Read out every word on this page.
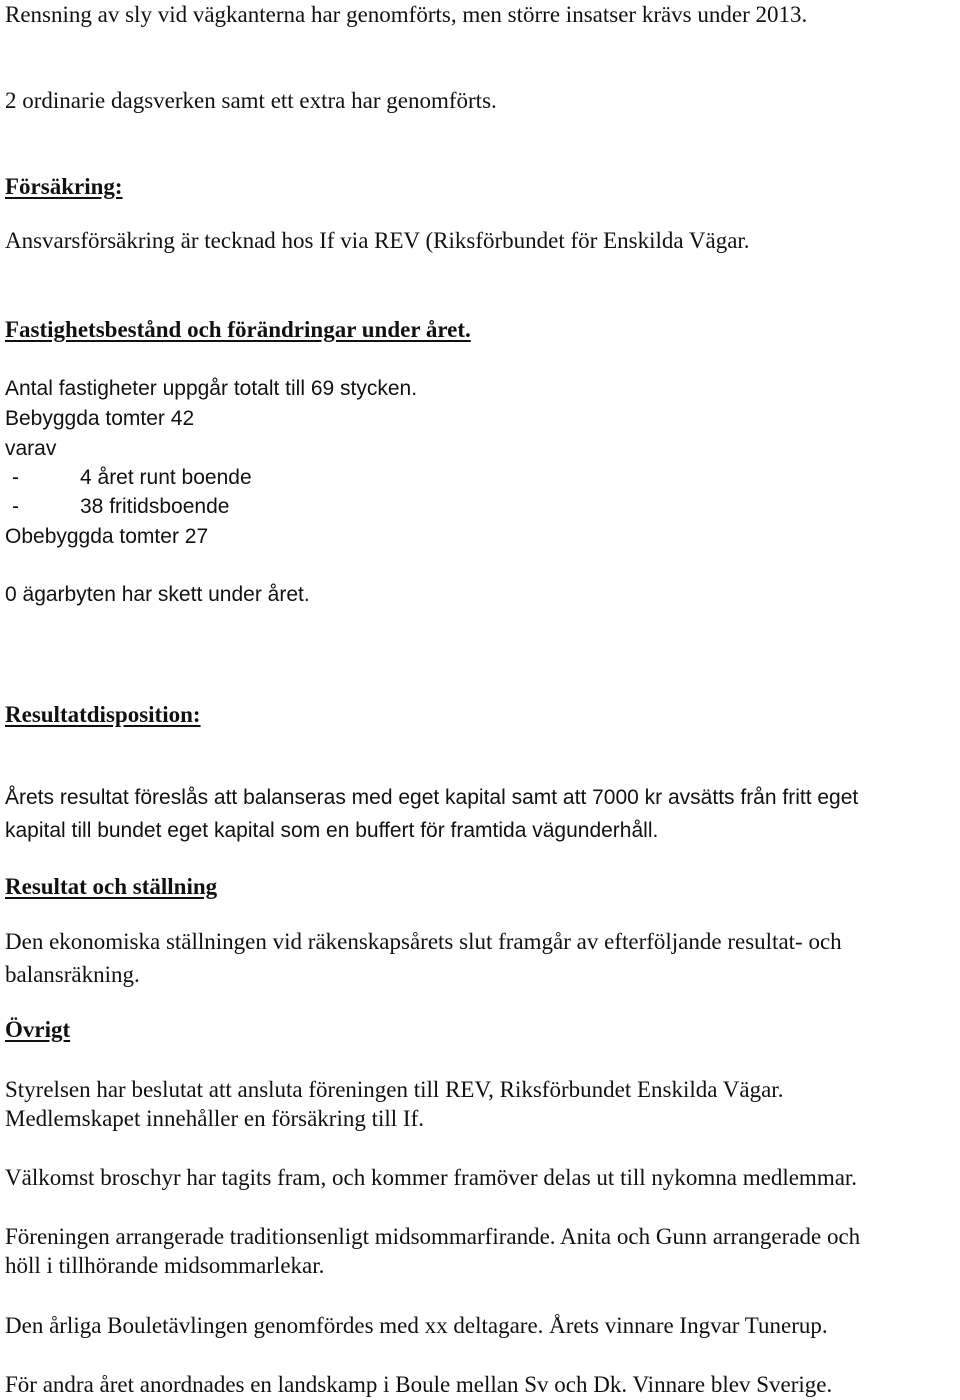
Rensning av sly vid vägkanterna har genomförts, men större insatser krävs under 2013.

2 ordinarie dagsverken samt ett extra har genomförts.

Försäkring:

Ansvarsförsäkring är tecknad hos If via REV (Riksförbundet för Enskilda Vägar.

Fastighetsbestånd och förändringar under året.

Antal fastigheter uppgår totalt till 69 stycken.

Bebyggda tomter 42

varav

-	4 året runt boende

-	38 fritidsboende

Obebyggda tomter 27

0 ägarbyten har skett under året.

Resultatdisposition:

Årets resultat föreslås att balanseras med eget kapital samt att 7000 kr avsätts från fritt eget

kapital till bundet eget kapital som en buffert för framtida vägunderhåll.

Resultat och ställning

Den ekonomiska ställningen vid räkenskapsårets slut framgår av efterföljande resultat- och

balansräkning.

Övrigt

Styrelsen har beslutat att ansluta föreningen till REV, Riksförbundet Enskilda Vägar.

Medlemskapet innehåller en försäkring till If.

Välkomst broschyr har tagits fram, och kommer framöver delas ut till nykomna medlemmar.

Föreningen arrangerade traditionsenligt midsommarfirande. Anita och Gunn arrangerade och

höll i tillhörande midsommarlekar.

Den årliga Bouletävlingen genomfördes med xx deltagare. Årets vinnare Ingvar Tunerup.

För andra året anordnades en landskamp i Boule mellan Sv och Dk. Vinnare blev Sverige.
